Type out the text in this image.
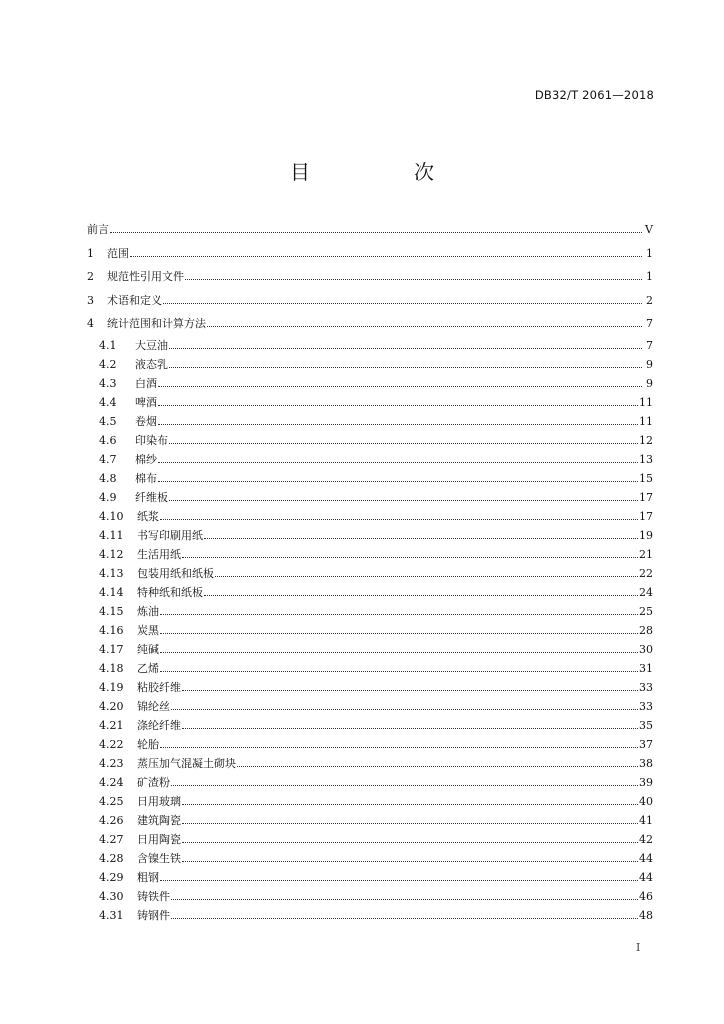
DB32/T 2061—2018
目　次
前言	V
1	范围	1
2	规范性引用文件	1
3	术语和定义	2
4	统计范围和计算方法	7
4.1	大豆油	7
4.2	液态乳	9
4.3	白酒	9
4.4	啤酒	11
4.5	卷烟	11
4.6	印染布	12
4.7	棉纱	13
4.8	棉布	15
4.9	纤维板	17
4.10	纸浆	17
4.11	书写印刷用纸	19
4.12	生活用纸	21
4.13	包装用纸和纸板	22
4.14	特种纸和纸板	24
4.15	炼油	25
4.16	炭黑	28
4.17	纯碱	30
4.18	乙烯	31
4.19	粘胶纤维	33
4.20	锦纶丝	33
4.21	涤纶纤维	35
4.22	轮胎	37
4.23	蒸压加气混凝土砌块	38
4.24	矿渣粉	39
4.25	日用玻璃	40
4.26	建筑陶瓷	41
4.27	日用陶瓷	42
4.28	含镍生铁	44
4.29	粗钢	44
4.30	铸铁件	46
4.31	铸钢件	48
I
